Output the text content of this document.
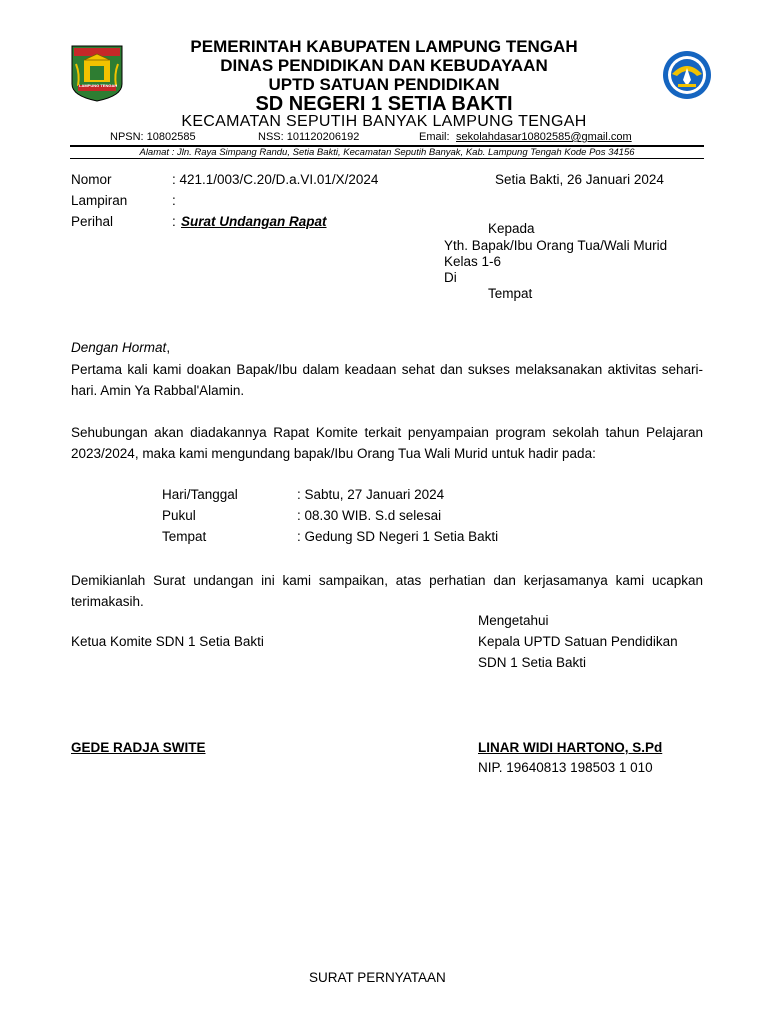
LAMPUNG TENGAH
PEMERINTAH KABUPATEN LAMPUNG TENGAH
DINAS PENDIDIKAN DAN KEBUDAYAAN
UPTD SATUAN PENDIDIKAN
SD NEGERI 1 SETIA BAKTI
KECAMATAN SEPUTIH BANYAK LAMPUNG TENGAH
NPSN: 10802585	NSS: 101120206192	Email: sekolahdasar10802585@gmail.com
Alamat : Jln. Raya Simpang Randu, Setia Bakti, Kecamatan Seputih Banyak, Kab. Lampung Tengah Kode Pos 34156
Nomor	: 421.1/003/C.20/D.a.VI.01/X/2024	Setia Bakti, 26 Januari 2024
Lampiran	:
Perihal	: Surat Undangan Rapat	Kepada
Yth. Bapak/Ibu Orang Tua/Wali Murid
Kelas 1-6
Di
Tempat
Dengan Hormat,
Pertama kali kami doakan Bapak/Ibu dalam keadaan sehat dan sukses melaksanakan aktivitas sehari-hari. Amin Ya Rabbal'Alamin.
Sehubungan akan diadakannya Rapat Komite terkait penyampaian program sekolah tahun Pelajaran 2023/2024, maka kami mengundang bapak/Ibu Orang Tua Wali Murid untuk hadir pada:
Hari/Tanggal	: Sabtu, 27 Januari 2024
Pukul	: 08.30 WIB. S.d selesai
Tempat	: Gedung SD Negeri 1 Setia Bakti
Demikianlah Surat undangan ini kami sampaikan, atas perhatian dan kerjasamanya kami ucapkan terimakasih.
Mengetahui
Ketua Komite SDN 1 Setia Bakti	Kepala UPTD Satuan Pendidikan
SDN 1 Setia Bakti
GEDE RADJA SWITE	LINAR WIDI HARTONO, S.Pd
NIP. 19640813 198503 1 010
SURAT PERNYATAAN
